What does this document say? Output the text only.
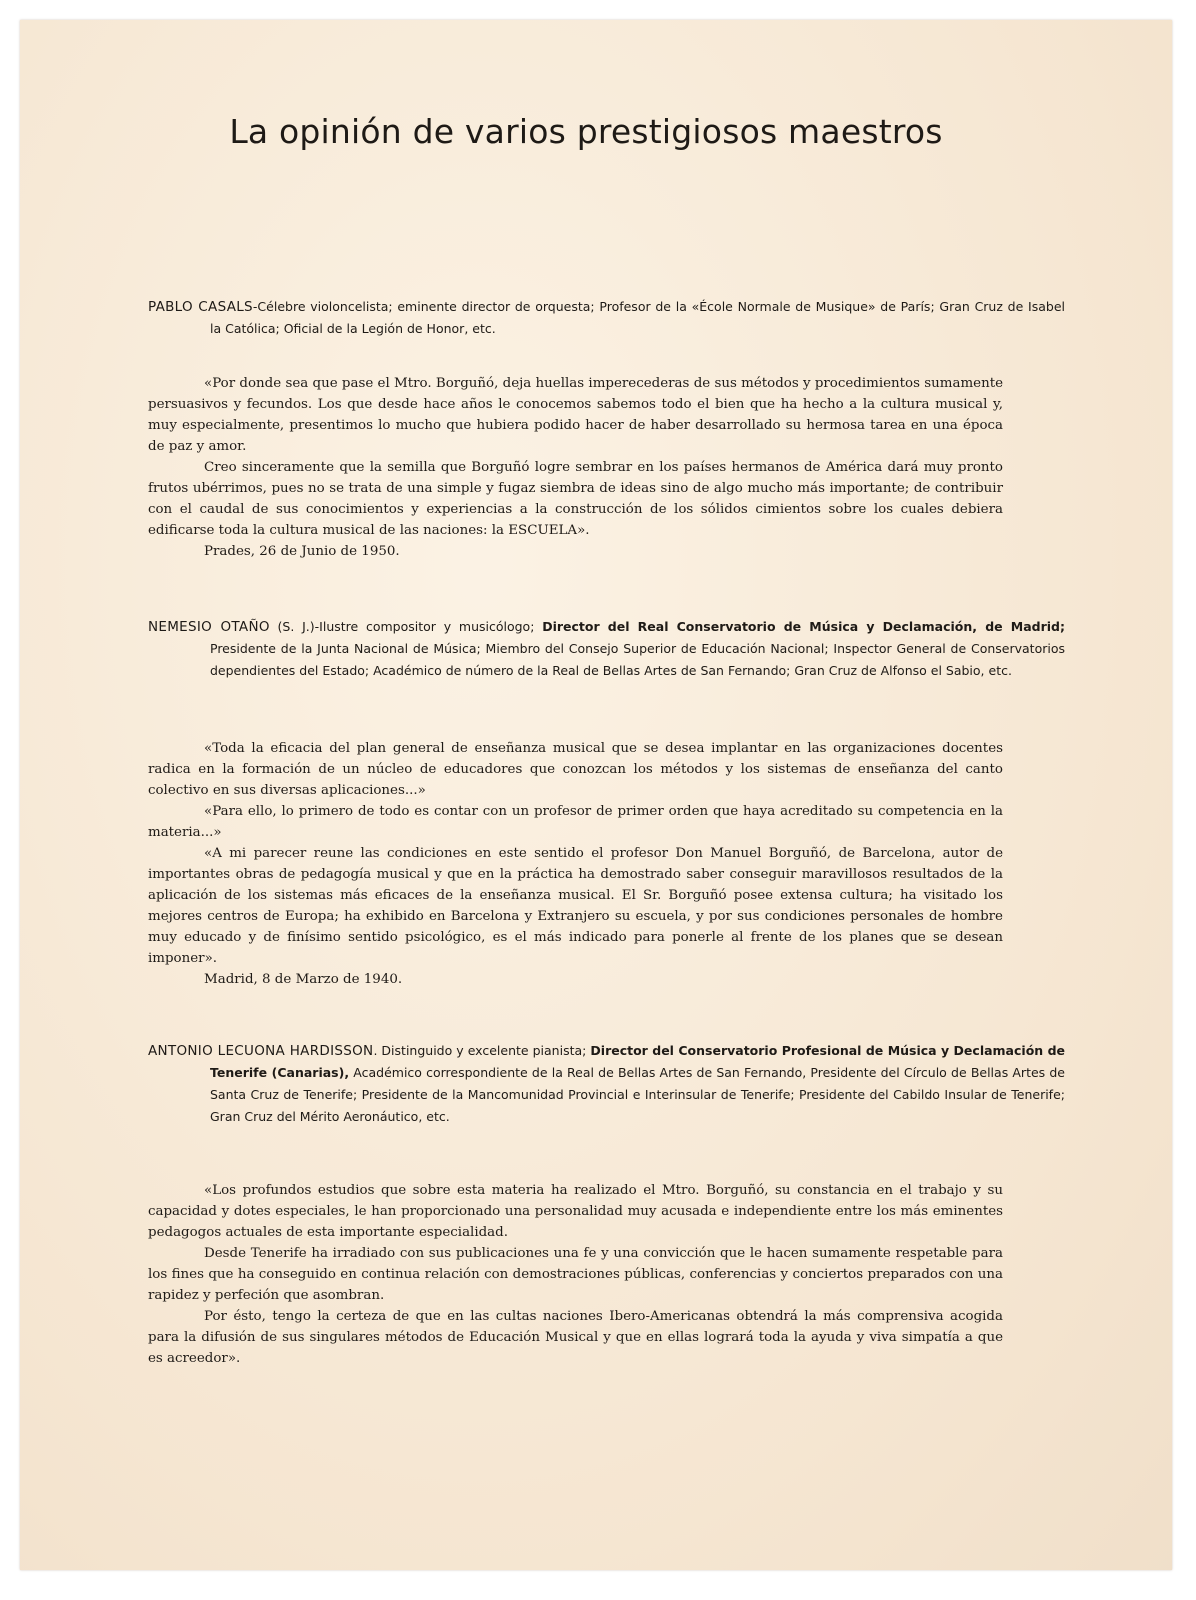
La opinión de varios prestigiosos maestros
PABLO CASALS-Célebre violoncelista; eminente director de orquesta; Profesor de la «École Normale de Musique» de París; Gran Cruz de Isabel la Católica; Oficial de la Legión de Honor, etc.

«Por donde sea que pase el Mtro. Borguñó, deja huellas imperecederas de sus métodos y procedimientos sumamente persuasivos y fecundos. Los que desde hace años le conocemos sabemos todo el bien que ha hecho a la cultura musical y, muy especialmente, presentimos lo mucho que hubiera podido hacer de haber desarrollado su hermosa tarea en una época de paz y amor.

Creo sinceramente que la semilla que Borguñó logre sembrar en los países hermanos de América dará muy pronto frutos ubérrimos, pues no se trata de una simple y fugaz siembra de ideas sino de algo mucho más importante; de contribuir con el caudal de sus conocimientos y experiencias a la construcción de los sólidos cimientos sobre los cuales debiera edificarse toda la cultura musical de las naciones: la ESCUELA».

Prades, 26 de Junio de 1950.

NEMESIO OTAÑO (S. J.)-Ilustre compositor y musicólogo; Director del Real Conservatorio de Música y Declamación, de Madrid; Presidente de la Junta Nacional de Música; Miembro del Consejo Superior de Educación Nacional; Inspector General de Conservatorios dependientes del Estado; Académico de número de la Real de Bellas Artes de San Fernando; Gran Cruz de Alfonso el Sabio, etc.

«Toda la eficacia del plan general de enseñanza musical que se desea implantar en las organizaciones docentes radica en la formación de un núcleo de educadores que conozcan los métodos y los sistemas de enseñanza del canto colectivo en sus diversas aplicaciones...»

«Para ello, lo primero de todo es contar con un profesor de primer orden que haya acreditado su competencia en la materia...»

«A mi parecer reune las condiciones en este sentido el profesor Don Manuel Borguñó, de Barcelona, autor de importantes obras de pedagogía musical y que en la práctica ha demostrado saber conseguir maravillosos resultados de la aplicación de los sistemas más eficaces de la enseñanza musical. El Sr. Borguñó posee extensa cultura; ha visitado los mejores centros de Europa; ha exhibido en Barcelona y Extranjero su escuela, y por sus condiciones personales de hombre muy educado y de finísimo sentido psicológico, es el más indicado para ponerle al frente de los planes que se desean imponer».

Madrid, 8 de Marzo de 1940.

ANTONIO LECUONA HARDISSON. Distinguido y excelente pianista; Director del Conservatorio Profesional de Música y Declamación de Tenerife (Canarias), Académico correspondiente de la Real de Bellas Artes de San Fernando, Presidente del Círculo de Bellas Artes de Santa Cruz de Tenerife; Presidente de la Mancomunidad Provincial e Interinsular de Tenerife; Presidente del Cabildo Insular de Tenerife; Gran Cruz del Mérito Aeronáutico, etc.

«Los profundos estudios que sobre esta materia ha realizado el Mtro. Borguñó, su constancia en el trabajo y su capacidad y dotes especiales, le han proporcionado una personalidad muy acusada e independiente entre los más eminentes pedagogos actuales de esta importante especialidad.

Desde Tenerife ha irradiado con sus publicaciones una fe y una convicción que le hacen sumamente respetable para los fines que ha conseguido en continua relación con demostraciones públicas, conferencias y conciertos preparados con una rapidez y perfeción que asombran.

Por ésto, tengo la certeza de que en las cultas naciones Ibero-Americanas obtendrá la más comprensiva acogida para la difusión de sus singulares métodos de Educación Musical y que en ellas logrará toda la ayuda y viva simpatía a que es acreedor».
